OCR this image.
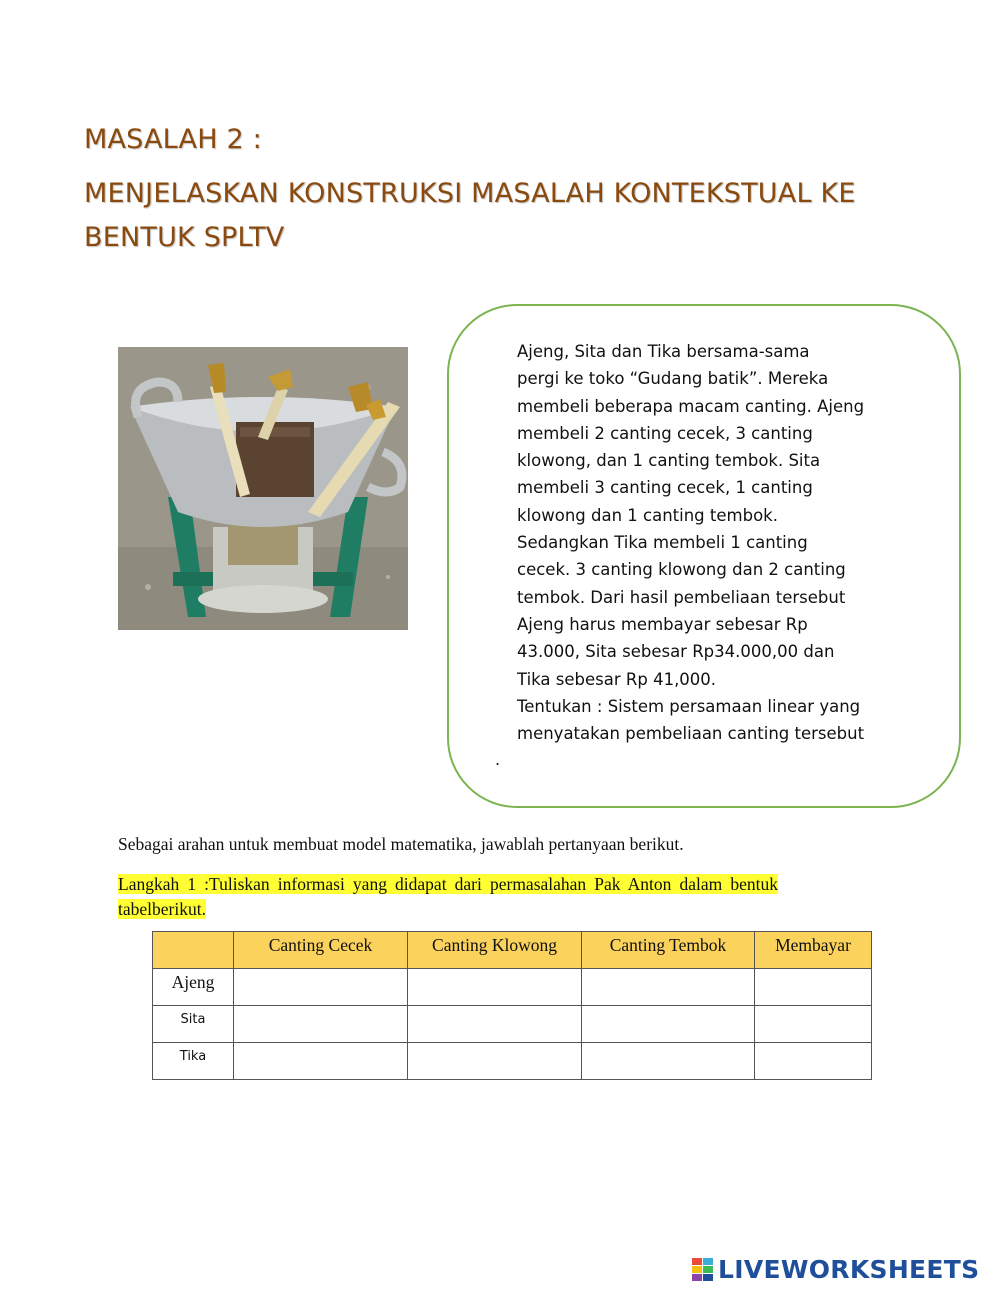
MASALAH 2 :
MENJELASKAN KONSTRUKSI MASALAH KONTEKSTUAL KE BENTUK SPLTV
Ajeng, Sita dan Tika bersama-sama
pergi ke toko “Gudang batik”. Mereka
membeli beberapa macam canting. Ajeng
membeli 2 canting cecek, 3 canting
klowong, dan 1 canting tembok. Sita
membeli 3 canting cecek, 1 canting
klowong dan 1 canting tembok.
Sedangkan Tika membeli 1 canting
cecek. 3 canting klowong dan 2 canting
tembok. Dari hasil pembeliaan tersebut
Ajeng harus membayar sebesar Rp
43.000, Sita sebesar Rp34.000,00 dan
Tika sebesar Rp 41,000.
Tentukan : Sistem persamaan linear yang
menyatakan pembeliaan canting tersebut
.
Sebagai arahan untuk membuat model matematika, jawablah pertanyaan berikut.
Langkah 1 :Tuliskan informasi yang didapat dari permasalahan Pak Anton dalam bentuk tabelberikut.
	Canting Cecek	Canting Klowong	Canting Tembok	Membayar
Ajeng				
Sita				
Tika				
LIVEWORKSHEETS
